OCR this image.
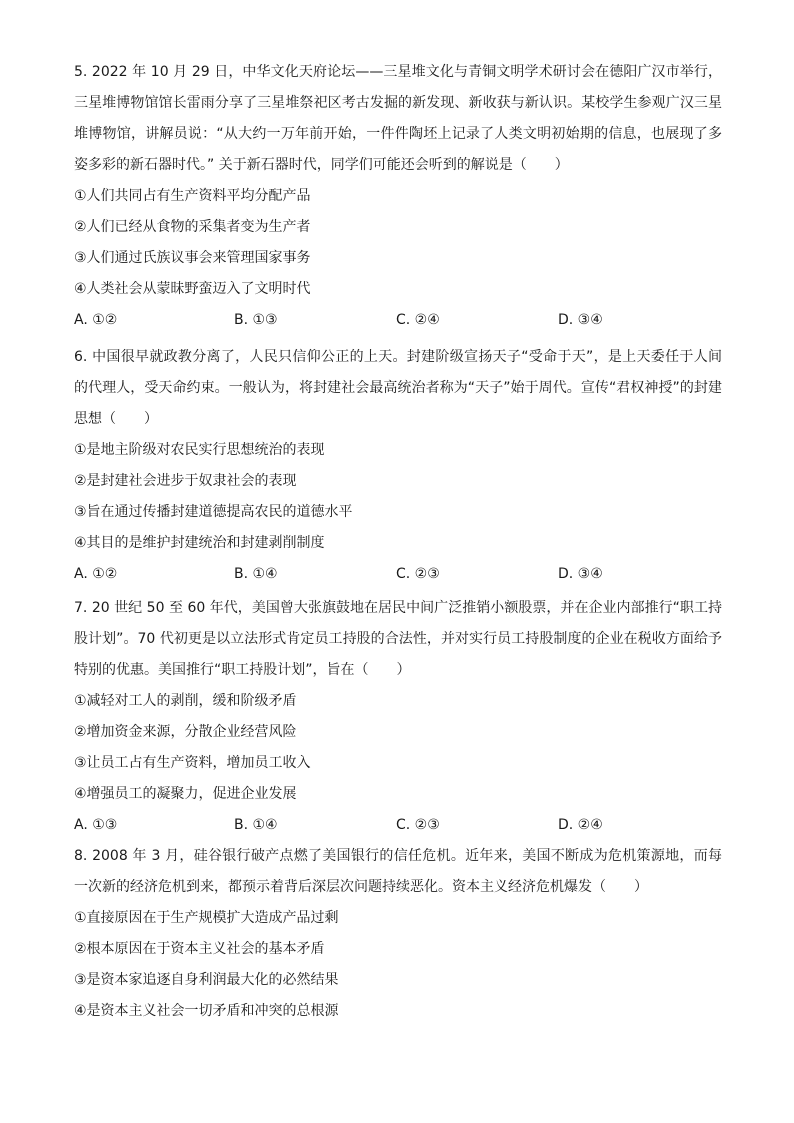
5. 2022 年 10 月 29 日，中华文化天府论坛——三星堆文化与青铜文明学术研讨会在德阳广汉市举行，三星堆博物馆馆长雷雨分享了三星堆祭祀区考古发掘的新发现、新收获与新认识。某校学生参观广汉三星堆博物馆，讲解员说：“从大约一万年前开始，一件件陶坯上记录了人类文明初始期的信息，也展现了多姿多彩的新石器时代。” 关于新石器时代，同学们可能还会听到的解说是（　　）

①人们共同占有生产资料平均分配产品

②人们已经从食物的采集者变为生产者

③人们通过氏族议事会来管理国家事务

④人类社会从蒙昧野蛮迈入了文明时代

A. ①②	B. ①③	C. ②④	D. ③④

6. 中国很早就政教分离了，人民只信仰公正的上天。封建阶级宣扬天子“受命于天”，是上天委任于人间的代理人，受天命约束。一般认为，将封建社会最高统治者称为“天子”始于周代。宣传“君权神授”的封建思想（　　）

①是地主阶级对农民实行思想统治的表现

②是封建社会进步于奴隶社会的表现

③旨在通过传播封建道德提高农民的道德水平

④其目的是维护封建统治和封建剥削制度

A. ①②	B. ①④	C. ②③	D. ③④

7. 20 世纪 50 至 60 年代，美国曾大张旗鼓地在居民中间广泛推销小额股票，并在企业内部推行“职工持股计划”。70 代初更是以立法形式肯定员工持股的合法性，并对实行员工持股制度的企业在税收方面给予特别的优惠。美国推行“职工持股计划”，旨在（　　）

①减轻对工人的剥削，缓和阶级矛盾

②增加资金来源，分散企业经营风险

③让员工占有生产资料，增加员工收入

④增强员工的凝聚力，促进企业发展

A. ①③	B. ①④	C. ②③	D. ②④

8. 2008 年 3 月，硅谷银行破产点燃了美国银行的信任危机。近年来，美国不断成为危机策源地，而每一次新的经济危机到来，都预示着背后深层次问题持续恶化。资本主义经济危机爆发（　　）

①直接原因在于生产规模扩大造成产品过剩

②根本原因在于资本主义社会的基本矛盾

③是资本家追逐自身利润最大化的必然结果

④是资本主义社会一切矛盾和冲突的总根源
